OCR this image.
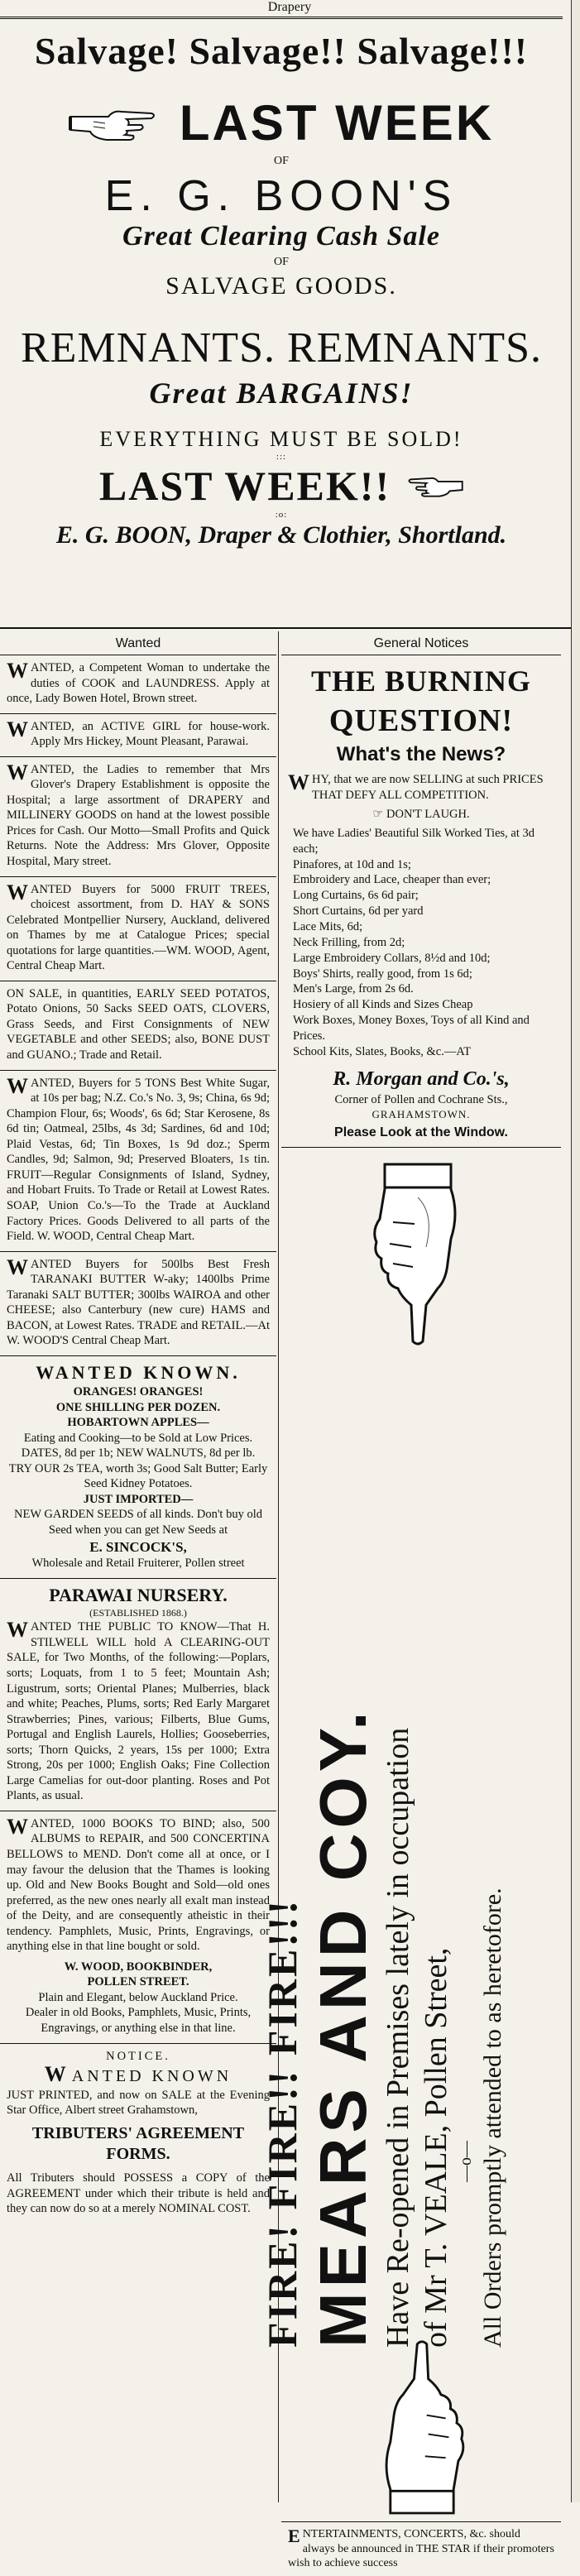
Drapery
Salvage! Salvage!! Salvage!!!
LAST WEEK
OF
E. G. BOON'S
Great Clearing Cash Sale
OF
SALVAGE GOODS.
REMNANTS. REMNANTS.
Great BARGAINS!
EVERYTHING MUST BE SOLD!
:::
LAST WEEK!!
:o:
E. G. BOON, Draper & Clothier, Shortland.
Wanted
W ANTED, a Competent Woman to undertake the duties of COOK and LAUNDRESS. Apply at once, Lady Bowen Hotel, Brown street.
W ANTED, an ACTIVE GIRL for house-work. Apply Mrs Hickey, Mount Pleasant, Parawai.
W ANTED, the Ladies to remember that Mrs Glover's Drapery Establishment is opposite the Hospital; a large assortment of DRAPERY and MILLINERY GOODS on hand at the lowest possible Prices for Cash. Our Motto—Small Profits and Quick Returns. Note the Address: Mrs Glover, Opposite Hospital, Mary street.
W ANTED Buyers for 5000 FRUIT TREES, choicest assortment, from D. HAY & SONS Celebrated Montpellier Nursery, Auckland, delivered on Thames by me at Catalogue Prices; special quotations for large quantities.—WM. WOOD, Agent, Central Cheap Mart.
ON SALE, in quantities, EARLY SEED POTATOS, Potato Onions, 50 Sacks SEED OATS, CLOVERS, Grass Seeds, and First Consignments of NEW VEGETABLE and other SEEDS; also, BONE DUST and GUANO.; Trade and Retail.
W ANTED, Buyers for 5 TONS Best White Sugar, at 10s per bag; N.Z. Co.'s No. 3, 9s; China, 6s 9d; Champion Flour, 6s; Woods', 6s 6d; Star Kerosene, 8s 6d tin; Oatmeal, 25lbs, 4s 3d; Sardines, 6d and 10d; Plaid Vestas, 6d; Tin Boxes, 1s 9d doz.; Sperm Candles, 9d; Salmon, 9d; Preserved Bloaters, 1s tin. FRUIT—Regular Consignments of Island, Sydney, and Hobart Fruits. To Trade or Retail at Lowest Rates. SOAP, Union Co.'s—To the Trade at Auckland Factory Prices. Goods Delivered to all parts of the Field. W. WOOD, Central Cheap Mart.
W ANTED Buyers for 500lbs Best Fresh TARANAKI BUTTER W-aky; 1400lbs Prime Taranaki SALT BUTTER; 300lbs WAIROA and other CHEESE; also Canterbury (new cure) HAMS and BACON, at Lowest Rates. TRADE and RETAIL.—At W. WOOD'S Central Cheap Mart.

WANTED KNOWN.

ORANGES! ORANGES!

ONE SHILLING PER DOZEN.

HOBARTOWN APPLES—

Eating and Cooking—to be Sold at Low Prices.

DATES, 8d per 1b; NEW WALNUTS, 8d per lb.

TRY OUR 2s TEA, worth 3s; Good Salt Butter; Early Seed Kidney Potatoes.

JUST IMPORTED—

NEW GARDEN SEEDS of all kinds. Don't buy old Seed when you can get New Seeds at

E. SINCOCK'S,

Wholesale and Retail Fruiterer, Pollen street

PARAWAI NURSERY.

(ESTABLISHED 1868.)

WANTED THE PUBLIC TO KNOW—That H. STILWELL WILL hold A CLEARING-OUT SALE, for Two Months, of the following:—Poplars, sorts; Loquats, from 1 to 5 feet; Mountain Ash; Ligustrum, sorts; Oriental Planes; Mulberries, black and white; Peaches, Plums, sorts; Red Early Margaret Strawberries; Pines, various; Filberts, Blue Gums, Portugal and English Laurels, Hollies; Gooseberries, sorts; Thorn Quicks, 2 years, 15s per 1000; Extra Strong, 20s per 1000; English Oaks; Fine Collection Large Camelias for out-door planting. Roses and Pot Plants, as usual.

WANTED, 1000 BOOKS TO BIND; also, 500 ALBUMS to REPAIR, and 500 CONCERTINA BELLOWS to MEND. Don't come all at once, or I may favour the delusion that the Thames is looking up. Old and New Books Bought and Sold—old ones preferred, as the new ones nearly all exalt man instead of the Deity, and are consequently atheistic in their tendency. Pamphlets, Music, Prints, Engravings, or anything else in that line bought or sold.

W. WOOD, BOOKBINDER,

POLLEN STREET.

Plain and Elegant, below Auckland Price.

Dealer in old Books, Pamphlets, Music, Prints, Engravings, or anything else in that line.

NOTICE.

W ANTED KNOWN

JUST PRINTED, and now on SALE at the Evening Star Office, Albert street Grahamstown,

TRIBUTERS' AGREEMENT FORMS.

All Tributers should POSSESS a COPY of the AGREEMENT under which their tribute is held and they can now do so at a merely NOMINAL COST.

General Notices
THE BURNING
QUESTION!
What's the News?

WHY, that we are now SELLING at such PRICES THAT DEFY ALL COMPETITION.

☞ DON'T LAUGH.

We have Ladies' Beautiful Silk Worked Ties, at 3d each;
Pinafores, at 10d and 1s;
Embroidery and Lace, cheaper than ever;
Long Curtains, 6s 6d pair;
Short Curtains, 6d per yard
Lace Mits, 6d;
Neck Frilling, from 2d;
Large Embroidery Collars, 8½d and 10d;
Boys' Shirts, really good, from 1s 6d;
Men's Large, from 2s 6d.
Hosiery of all Kinds and Sizes Cheap
Work Boxes, Money Boxes, Toys of all Kind and Prices.
School Kits, Slates, Books, &c.—AT
R. Morgan and Co.'s,
Corner of Pollen and Cochrane Sts.,
GRAHAMSTOWN.
Please Look at the Window.
FIRE! FIRE!! FIRE!!! MEARS AND COY. Have Re-opened in Premises lately in occupation of Mr T. VEALE, Pollen Street, —o— All Orders promptly attended to as heretofore.
ENTERTAINMENTS, CONCERTS, &c. should always be announced in THE STAR if their promoters wish to achieve success
